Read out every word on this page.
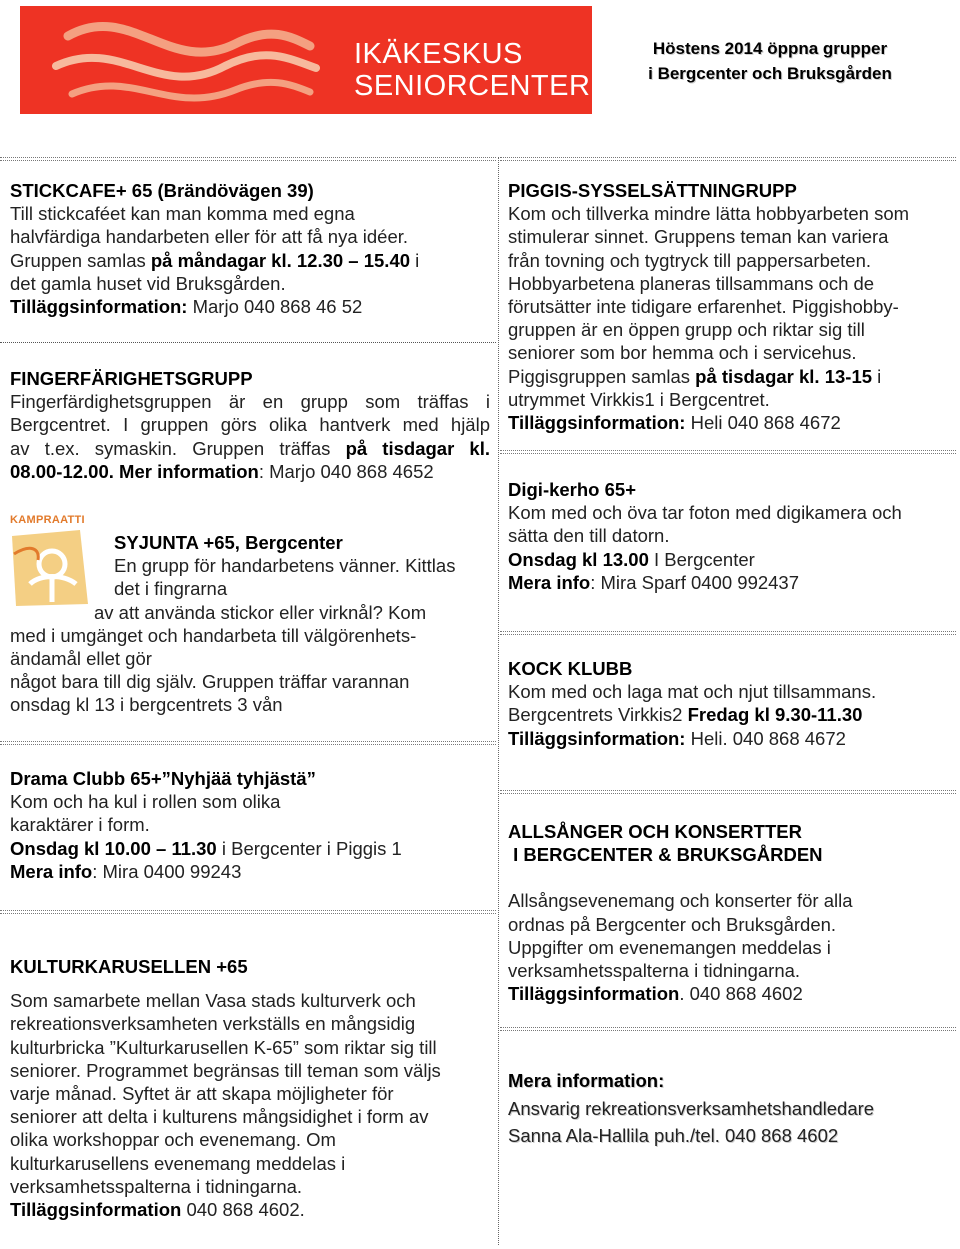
IKÄKESKUS
SENIORCENTER
Höstens 2014 öppna grupper
i Bergcenter och Bruksgården

STICKCAFE+ 65 (Brändövägen 39)

Till stickcaféet kan man komma med egna

halvfärdiga handarbeten eller för att få nya idéer.

Gruppen samlas på måndagar kl. 12.30 – 15.40 i

det gamla huset vid Bruksgården.

Tilläggsinformation: Marjo 040 868 46 52

FINGERFÄRIGHETSGRUPP

Fingerfärdighetsgruppen är en grupp som träffas i

Bergcentret. I gruppen görs olika hantverk med hjälp

av t.ex. symaskin. Gruppen träffas på tisdagar kl.

08.00-12.00. Mer information: Marjo 040 868 4652

KAMPRAATTI

SYJUNTA +65, Bergcenter

En grupp för handarbetens vänner. Kittlas

det i fingrarna

av att använda stickor eller virknål? Kom

med i umgänget och handarbeta till välgörenhets-

ändamål ellet gör

något bara till dig själv. Gruppen träffar varannan

onsdag kl 13 i bergcentrets 3 vån

Drama Clubb 65+”Nyhjää tyhjästä”

Kom och ha kul i rollen som olika

karaktärer i form.

Onsdag kl 10.00 – 11.30 i Bergcenter i Piggis 1

Mera info: Mira 0400 99243

KULTURKARUSELLEN +65

Som samarbete mellan Vasa stads kulturverk och

rekreationsverksamheten verkställs en mångsidig

kulturbricka ”Kulturkarusellen K-65” som riktar sig till

seniorer. Programmet begränsas till teman som väljs

varje månad. Syftet är att skapa möjligheter för

seniorer att delta i kulturens mångsidighet i form av

olika workshoppar och evenemang. Om

kulturkarusellens evenemang meddelas i

verksamhetsspalterna i tidningarna.

Tilläggsinformation 040 868 4602.

PIGGIS-SYSSELSÄTTNINGRUPP

Kom och tillverka mindre lätta hobbyarbeten som

stimulerar sinnet. Gruppens teman kan variera

från tovning och tygtryck till pappersarbeten.

Hobbyarbetena planeras tillsammans och de

förutsätter inte tidigare erfarenhet. Piggishobby-

gruppen är en öppen grupp och riktar sig till

seniorer som bor hemma och i servicehus.

Piggisgruppen samlas på tisdagar kl. 13-15 i

utrymmet Virkkis1 i Bergcentret.

Tilläggsinformation: Heli 040 868 4672

Digi-kerho 65+

Kom med och öva tar foton med digikamera och

sätta den till datorn.

Onsdag kl 13.00 I Bergcenter

Mera info: Mira Sparf 0400 992437

KOCK KLUBB

Kom med och laga mat och njut tillsammans.

Bergcentrets Virkkis2 Fredag kl 9.30-11.30

Tilläggsinformation: Heli. 040 868 4672

ALLSÅNGER OCH KONSERTTER

I BERGCENTER & BRUKSGÅRDEN

Allsångsevenemang och konserter för alla

ordnas på Bergcenter och Bruksgården.

Uppgifter om evenemangen meddelas i

verksamhetsspalterna i tidningarna.

Tilläggsinformation. 040 868 4602

Mera information:

Ansvarig rekreationsverksamhetshandledare

Sanna Ala-Hallila puh./tel. 040 868 4602
